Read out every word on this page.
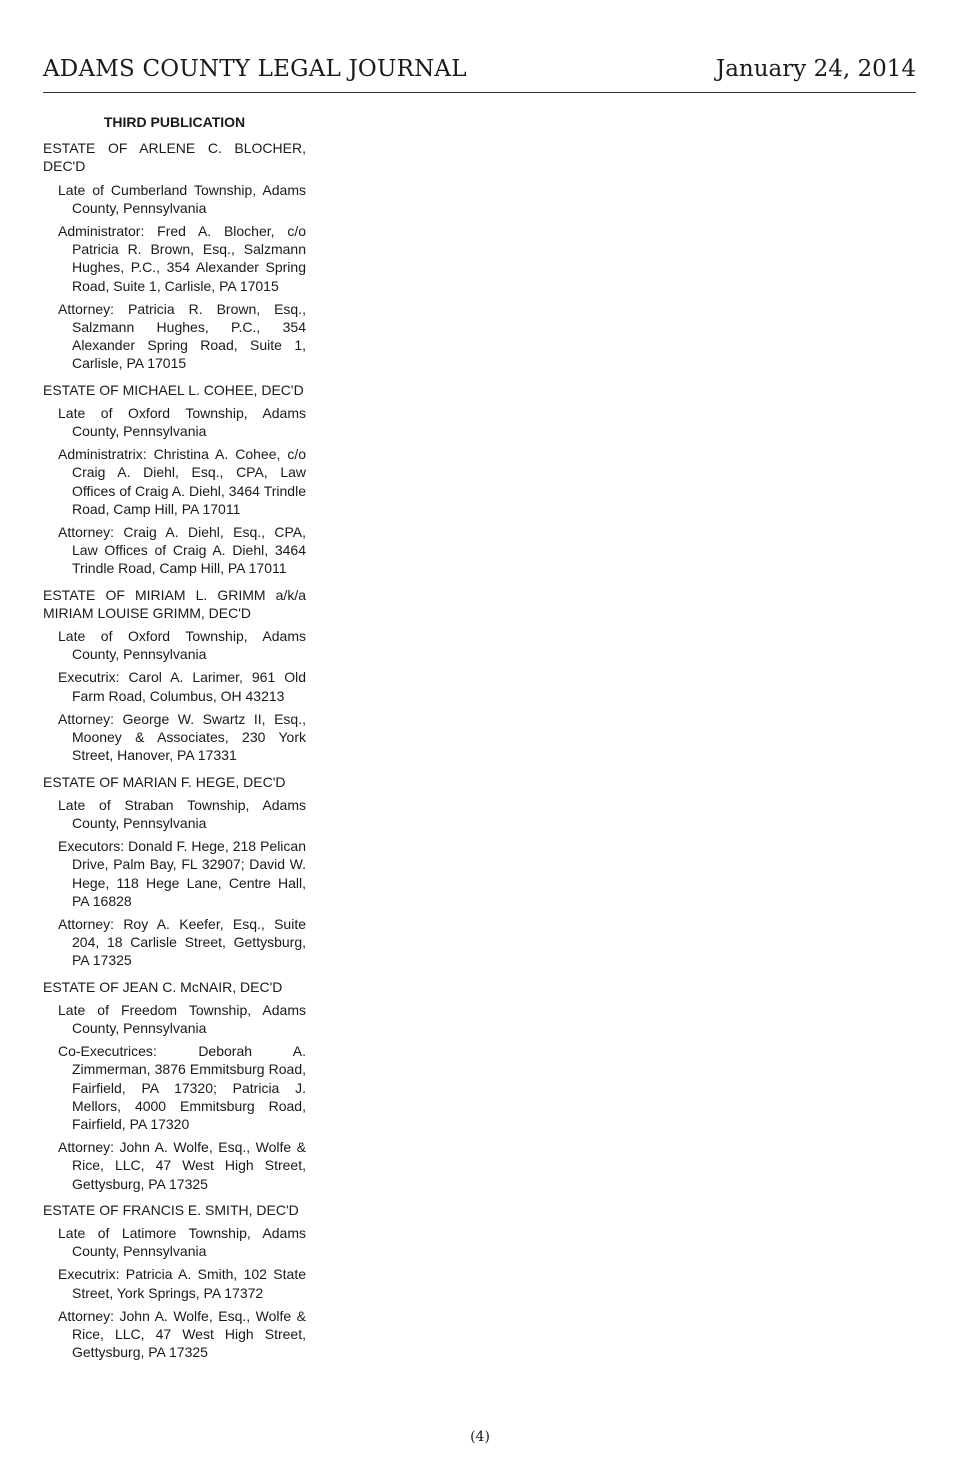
ADAMS COUNTY LEGAL JOURNAL	January 24, 2014
THIRD PUBLICATION
ESTATE OF ARLENE C. BLOCHER, DEC'D
Late of Cumberland Township, Adams County, Pennsylvania
Administrator: Fred A. Blocher, c/o Patricia R. Brown, Esq., Salzmann Hughes, P.C., 354 Alexander Spring Road, Suite 1, Carlisle, PA 17015
Attorney: Patricia R. Brown, Esq., Salzmann Hughes, P.C., 354 Alexander Spring Road, Suite 1, Carlisle, PA 17015
ESTATE OF MICHAEL L. COHEE, DEC'D
Late of Oxford Township, Adams County, Pennsylvania
Administratrix: Christina A. Cohee, c/o Craig A. Diehl, Esq., CPA, Law Offices of Craig A. Diehl, 3464 Trindle Road, Camp Hill, PA 17011
Attorney: Craig A. Diehl, Esq., CPA, Law Offices of Craig A. Diehl, 3464 Trindle Road, Camp Hill, PA 17011
ESTATE OF MIRIAM L. GRIMM a/k/a MIRIAM LOUISE GRIMM, DEC'D
Late of Oxford Township, Adams County, Pennsylvania
Executrix: Carol A. Larimer, 961 Old Farm Road, Columbus, OH 43213
Attorney: George W. Swartz II, Esq., Mooney & Associates, 230 York Street, Hanover, PA 17331
ESTATE OF MARIAN F. HEGE, DEC'D
Late of Straban Township, Adams County, Pennsylvania
Executors: Donald F. Hege, 218 Pelican Drive, Palm Bay, FL 32907; David W. Hege, 118 Hege Lane, Centre Hall, PA 16828
Attorney: Roy A. Keefer, Esq., Suite 204, 18 Carlisle Street, Gettysburg, PA 17325
ESTATE OF JEAN C. McNAIR, DEC'D
Late of Freedom Township, Adams County, Pennsylvania
Co-Executrices: Deborah A. Zimmerman, 3876 Emmitsburg Road, Fairfield, PA 17320; Patricia J. Mellors, 4000 Emmitsburg Road, Fairfield, PA 17320
Attorney: John A. Wolfe, Esq., Wolfe & Rice, LLC, 47 West High Street, Gettysburg, PA 17325
ESTATE OF FRANCIS E. SMITH, DEC'D
Late of Latimore Township, Adams County, Pennsylvania
Executrix: Patricia A. Smith, 102 State Street, York Springs, PA 17372
Attorney: John A. Wolfe, Esq., Wolfe & Rice, LLC, 47 West High Street, Gettysburg, PA 17325
(4)
